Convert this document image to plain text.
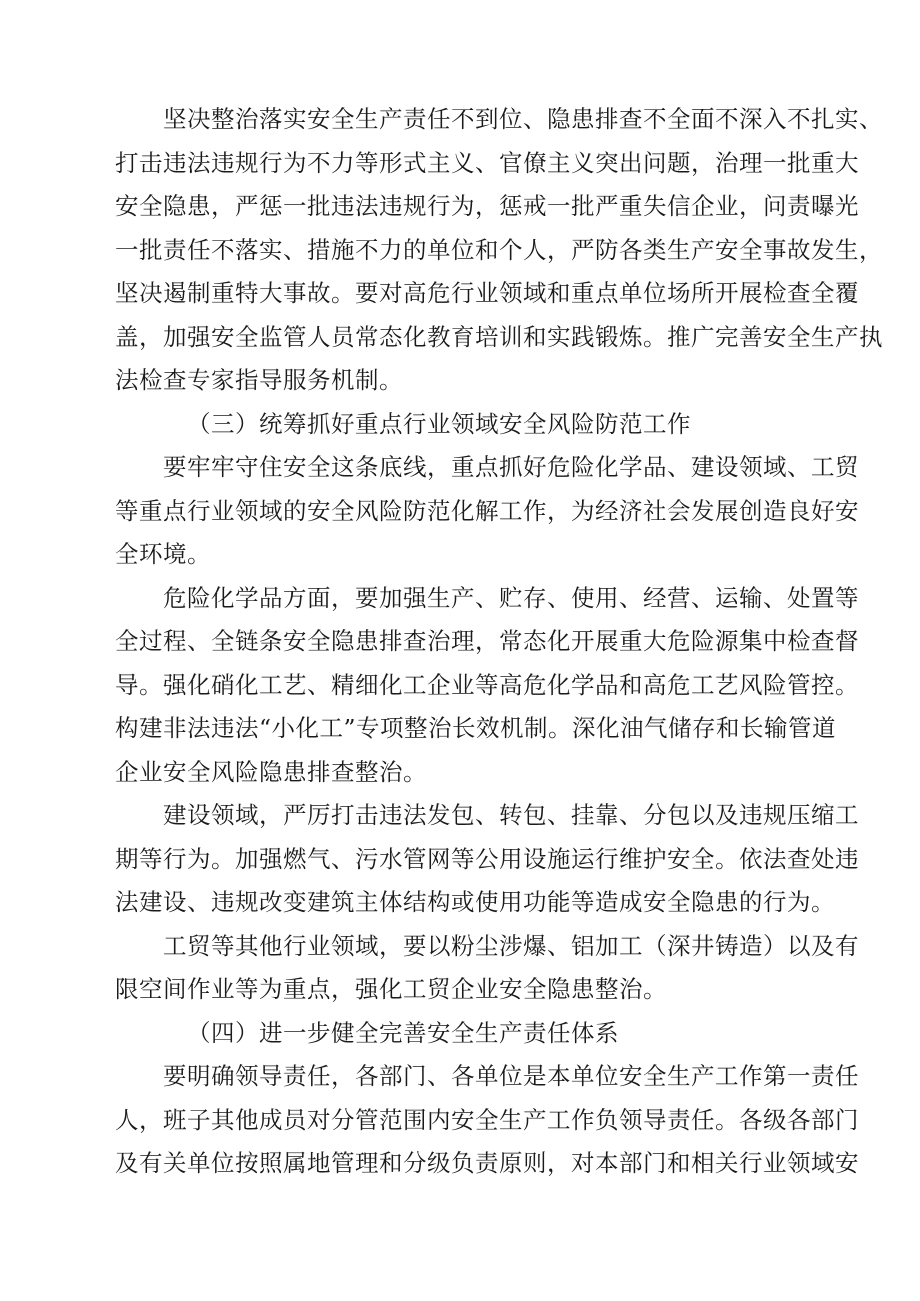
坚决整治落实安全生产责任不到位、隐患排查不全面不深入不扎实、
打击违法违规行为不力等形式主义、官僚主义突出问题，治理一批重大
安全隐患，严惩一批违法违规行为，惩戒一批严重失信企业，问责曝光
一批责任不落实、措施不力的单位和个人，严防各类生产安全事故发生，
坚决遏制重特大事故。要对高危行业领域和重点单位场所开展检查全覆
盖，加强安全监管人员常态化教育培训和实践锻炼。推广完善安全生产执
法检查专家指导服务机制。
（三）统筹抓好重点行业领域安全风险防范工作
要牢牢守住安全这条底线，重点抓好危险化学品、建设领域、工贸
等重点行业领域的安全风险防范化解工作，为经济社会发展创造良好安
全环境。
危险化学品方面，要加强生产、贮存、使用、经营、运输、处置等
全过程、全链条安全隐患排查治理，常态化开展重大危险源集中检查督
导。强化硝化工艺、精细化工企业等高危化学品和高危工艺风险管控。
构建非法违法“小化工”专项整治长效机制。深化油气储存和长输管道
企业安全风险隐患排查整治。
建设领域，严厉打击违法发包、转包、挂靠、分包以及违规压缩工
期等行为。加强燃气、污水管网等公用设施运行维护安全。依法查处违
法建设、违规改变建筑主体结构或使用功能等造成安全隐患的行为。
工贸等其他行业领域，要以粉尘涉爆、铝加工（深井铸造）以及有
限空间作业等为重点，强化工贸企业安全隐患整治。
（四）进一步健全完善安全生产责任体系
要明确领导责任，各部门、各单位是本单位安全生产工作第一责任
人，班子其他成员对分管范围内安全生产工作负领导责任。各级各部门
及有关单位按照属地管理和分级负责原则，对本部门和相关行业领域安
